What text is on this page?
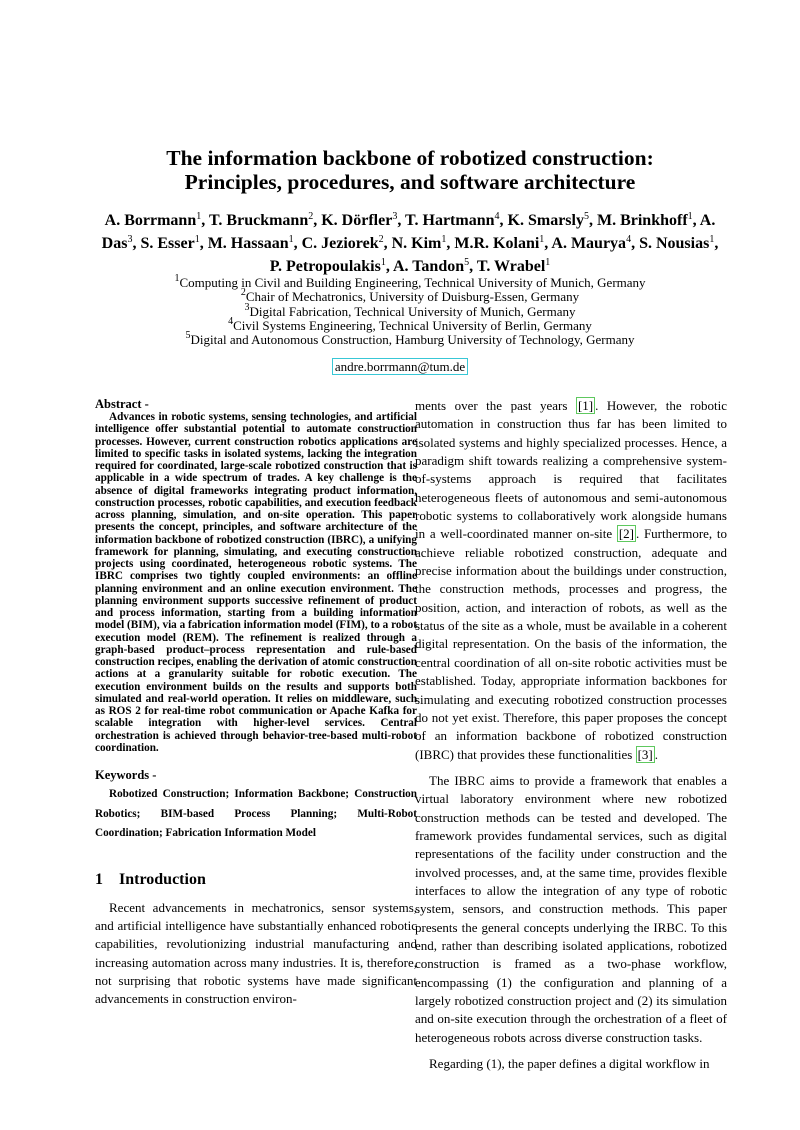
The information backbone of robotized construction:
Principles, procedures, and software architecture
A. Borrmann$^1$, T. Bruckmann$^2$, K. Dörfler$^3$, T. Hartmann$^4$, K. Smarsly$^5$, M. Brinkhoff$^1$, A.
Das$^3$, S. Esser$^1$, M. Hassaan$^1$, C. Jeziorek$^2$, N. Kim$^1$, M.R. Kolani$^1$, A. Maurya$^4$, S. Nousias$^1$,
P. Petropoulakis$^1$, A. Tandon$^5$, T. Wrabel$^1$
$^1$Computing in Civil and Building Engineering, Technical University of Munich, Germany
$^2$Chair of Mechatronics, University of Duisburg-Essen, Germany
$^3$Digital Fabrication, Technical University of Munich, Germany
$^4$Civil Systems Engineering, Technical University of Berlin, Germany
$^5$Digital and Autonomous Construction, Hamburg University of Technology, Germany
andre.borrmann@tum.de
Abstract -

Advances in robotic systems, sensing technologies, and artificial intelligence offer substantial potential to automate construction processes. However, current construction robotics applications are limited to specific tasks in isolated systems, lacking the integration required for coordinated, large-scale robotized construction that is applicable in a wide spectrum of trades. A key challenge is the absence of digital frameworks integrating product information, construction processes, robotic capabilities, and execution feedback across planning, simulation, and on-site operation. This paper presents the concept, principles, and software architecture of the information backbone of robotized construction (IBRC), a unifying framework for planning, simulating, and executing construction projects using coordinated, heterogeneous robotic systems. The IBRC comprises two tightly coupled environments: an offline planning environment and an online execution environment. The planning environment supports successive refinement of product and process information, starting from a building information model (BIM), via a fabrication information model (FIM), to a robot execution model (REM). The refinement is realized through a graph-based product–process representation and rule-based construction recipes, enabling the derivation of atomic construction actions at a granularity suitable for robotic execution. The execution environment builds on the results and supports both simulated and real-world operation. It relies on middleware, such as ROS 2 for real-time robot communication or Apache Kafka for scalable integration with higher-level services. Central orchestration is achieved through behavior-tree-based multi-robot coordination.

Keywords -

Robotized Construction; Information Backbone; Construction Robotics; BIM-based Process Planning; Multi-Robot Coordination; Fabrication Information Model

1 Introduction

Recent advancements in mechatronics, sensor systems, and artificial intelligence have substantially enhanced robotic capabilities, revolutionizing industrial manufacturing and increasing automation across many industries. It is, therefore, not surprising that robotic systems have made significant advancements in construction environ-

ments over the past years [1] . However, the robotic automation in construction thus far has been limited to isolated systems and highly specialized processes. Hence, a paradigm shift towards realizing a comprehensive system-of-systems approach is required that facilitates heterogeneous fleets of autonomous and semi-autonomous robotic systems to collaboratively work alongside humans in a well-coordinated manner on-site [2] . Furthermore, to achieve reliable robotized construction, adequate and precise information about the buildings under construction, the construction methods, processes and progress, the position, action, and interaction of robots, as well as the status of the site as a whole, must be available in a coherent digital representation. On the basis of the information, the central coordination of all on-site robotic activities must be established. Today, appropriate information backbones for simulating and executing robotized construction processes do not yet exist. Therefore, this paper proposes the concept of an information backbone of robotized construction (IBRC) that provides these functionalities [3] .

The IBRC aims to provide a framework that enables a virtual laboratory environment where new robotized construction methods can be tested and developed. The framework provides fundamental services, such as digital representations of the facility under construction and the involved processes, and, at the same time, provides flexible interfaces to allow the integration of any type of robotic system, sensors, and construction methods. This paper presents the general concepts underlying the IRBC. To this end, rather than describing isolated applications, robotized construction is framed as a two-phase workflow, encompassing (1) the configuration and planning of a largely robotized construction project and (2) its simulation and on-site execution through the orchestration of a fleet of heterogeneous robots across diverse construction tasks.

Regarding (1), the paper defines a digital workflow in
